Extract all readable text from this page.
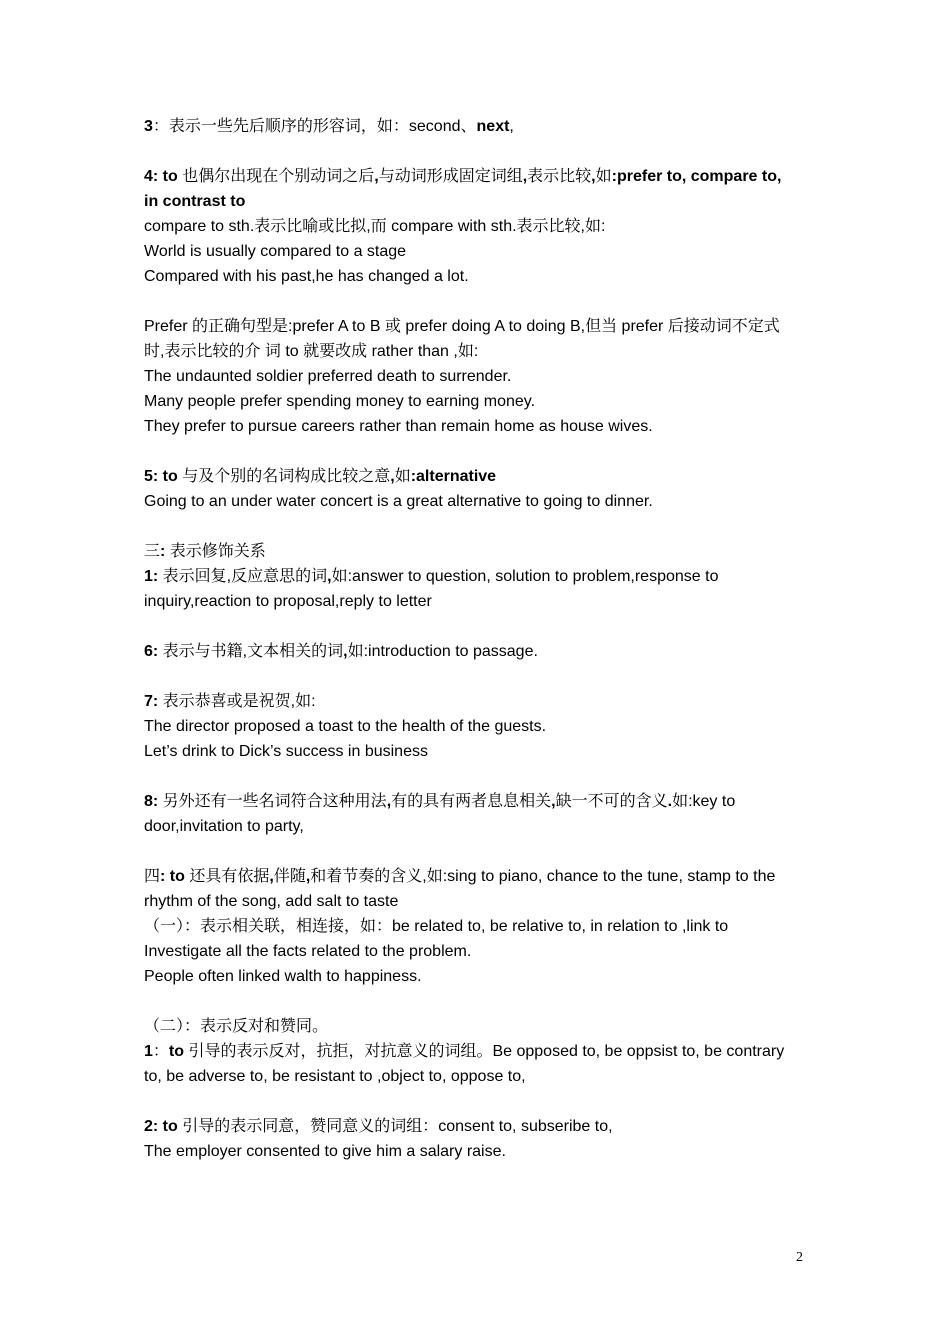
3：表示一些先后顺序的形容词，如：second、next,
4: to 也偶尔出现在个别动词之后,与动词形成固定词组,表示比较,如:prefer to, compare to,
in contrast to
compare to sth.表示比喻或比拟,而 compare with sth.表示比较,如:
World is usually compared to a stage
Compared with his past,he has changed a lot.
Prefer 的正确句型是:prefer A to B 或 prefer doing A to doing B,但当 prefer 后接动词不定式
时,表示比较的介 词 to 就要改成 rather than ,如:
The undaunted soldier preferred death to surrender.
Many people prefer spending money to earning money.
They prefer to pursue careers rather than remain home as house wives.
5: to 与及个别的名词构成比较之意,如:alternative
Going to an under water concert is a great alternative to going to dinner.
三: 表示修饰关系
1: 表示回复,反应意思的词,如:answer to question, solution to problem,response to
inquiry,reaction to proposal,reply to letter
6: 表示与书籍,文本相关的词,如:introduction to passage.
7: 表示恭喜或是祝贺,如:
The director proposed a toast to the health of the guests.
Let’s drink to Dick’s success in business
8: 另外还有一些名词符合这种用法,有的具有两者息息相关,缺一不可的含义.如:key to
door,invitation to party,
四: to 还具有依据,伴随,和着节奏的含义,如:sing to piano, chance to the tune, stamp to the
rhythm of the song, add salt to taste
（一）：表示相关联，相连接，如：be related to, be relative to, in relation to ,link to
Investigate all the facts related to the problem.
People often linked walth to happiness.
（二）：表示反对和赞同。
1：to 引导的表示反对，抗拒，对抗意义的词组。Be opposed to, be oppsist to, be contrary
to, be adverse to, be resistant to ,object to, oppose to,
2: to 引导的表示同意，赞同意义的词组：consent to, subseribe to,
The employer consented to give him a salary raise.
2
